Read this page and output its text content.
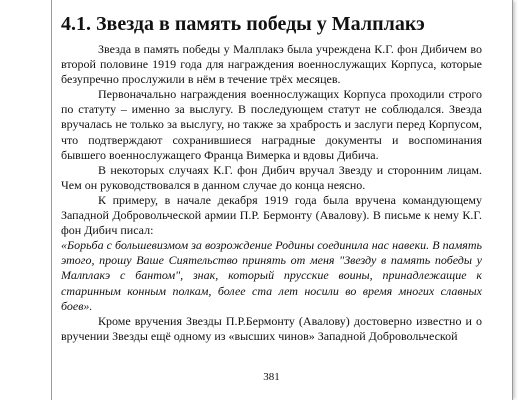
4.1. Звезда в память победы у Малплакэ

Звезда в память победы у Малплакэ была учреждена К.Г. фон Дибичем во второй половине 1919 года для награждения военнослужащих Корпуса, которые безупречно прослужили в нём в течение трёх месяцев.

Первоначально награждения военнослужащих Корпуса проходили строго по статуту – именно за выслугу. В последующем статут не соблюдался. Звезда вручалась не только за выслугу, но также за храбрость и заслуги перед Корпусом, что подтверждают сохранившиеся наградные документы и воспоминания бывшего военнослужащего Франца Вимерка и вдовы Дибича.

В некоторых случаях К.Г. фон Дибич вручал Звезду и сторонним лицам. Чем он руководствовался в данном случае до конца неясно.

К примеру, в начале декабря 1919 года была вручена командующему Западной Добровольческой армии П.Р. Бермонту (Авалову). В письме к нему К.Г. фон Дибич писал:

«Борьба с большевизмом за возрождение Родины соединила нас навеки. В память этого, прошу Ваше Сиятельство принять от меня "Звезду в память победы у Малплакэ с бантом", знак, который прусские воины, принадлежащие к старинным конным полкам, более ста лет носили во время многих славных боев».

Кроме вручения Звезды П.Р.Бермонту (Авалову) достоверно известно и о вручении Звезды ещё одному из «высших чинов» Западной Добровольческой

381
